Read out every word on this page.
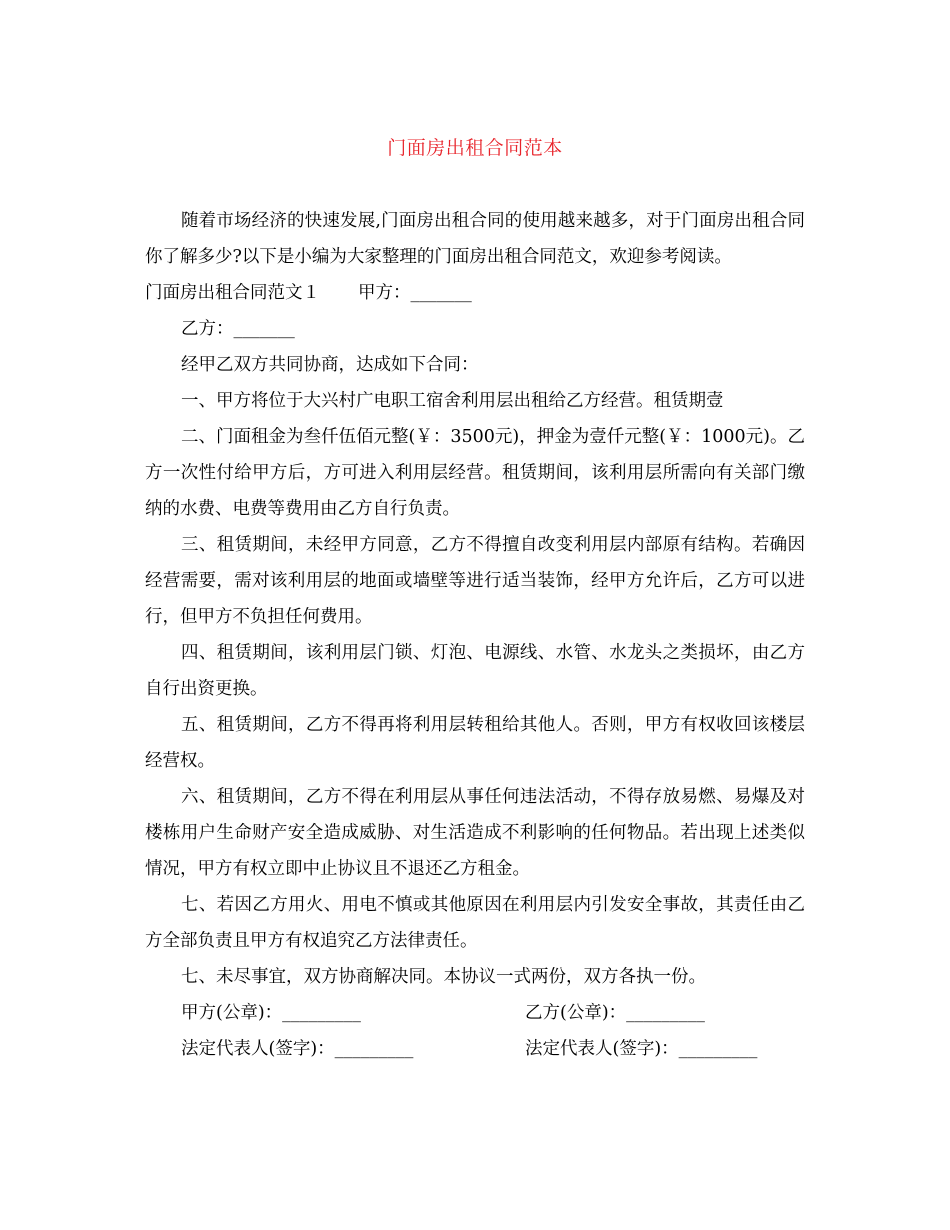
门面房出租合同范本

随着市场经济的快速发展,门面房出租合同的使用越来越多，对于门面房出租合同你了解多少?以下是小编为大家整理的门面房出租合同范文，欢迎参考阅读。

门面房出租合同范文１ 甲方：_______

乙方：_______

经甲乙双方共同协商，达成如下合同：

一、甲方将位于大兴村广电职工宿舍利用层出租给乙方经营。租赁期壹

二、门面租金为叁仟伍佰元整(￥：3500元)，押金为壹仟元整(￥：1000元)。乙方一次性付给甲方后，方可进入利用层经营。租赁期间，该利用层所需向有关部门缴纳的水费、电费等费用由乙方自行负责。

三、租赁期间，未经甲方同意，乙方不得擅自改变利用层内部原有结构。若确因经营需要，需对该利用层的地面或墙壁等进行适当装饰，经甲方允许后，乙方可以进行，但甲方不负担任何费用。

四、租赁期间，该利用层门锁、灯泡、电源线、水管、水龙头之类损坏，由乙方自行出资更换。

五、租赁期间，乙方不得再将利用层转租给其他人。否则，甲方有权收回该楼层经营权。

六、租赁期间，乙方不得在利用层从事任何违法活动，不得存放易燃、易爆及对楼栋用户生命财产安全造成威胁、对生活造成不利影响的任何物品。若出现上述类似情况，甲方有权立即中止协议且不退还乙方租金。

七、若因乙方用火、用电不慎或其他原因在利用层内引发安全事故，其责任由乙方全部负责且甲方有权追究乙方法律责任。

七、未尽事宜，双方协商解决同。本协议一式两份，双方各执一份。

甲方(公章)：_________	乙方(公章)：_________
法定代表人(签字)：_________	法定代表人(签字)：_________
